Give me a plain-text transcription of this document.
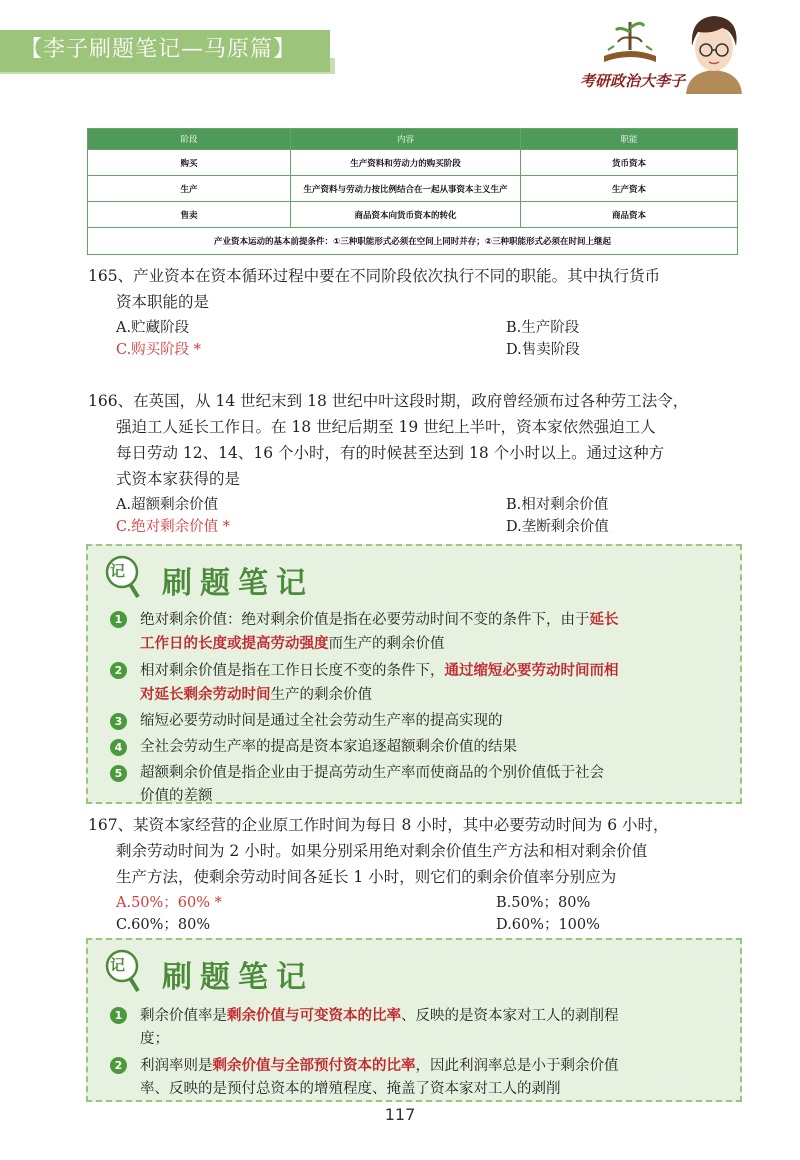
【李子刷题笔记—马原篇】
考研政治大李子
阶段	内容	职能
购买	生产资料和劳动力的购买阶段	货币资本
生产	生产资料与劳动力按比例结合在一起从事资本主义生产	生产资本
售卖	商品资本向货币资本的转化	商品资本
产业资本运动的基本前提条件：①三种职能形式必须在空间上同时并存；②三种职能形式必须在时间上继起		
165、产业资本在资本循环过程中要在不同阶段依次执行不同的职能。其中执行货币
资本职能的是
A.贮藏阶段	B.生产阶段
C.购买阶段 *	D.售卖阶段
166、在英国，从 14 世纪末到 18 世纪中叶这段时期，政府曾经颁布过各种劳工法令，
强迫工人延长工作日。在 18 世纪后期至 19 世纪上半叶，资本家依然强迫工人
每日劳动 12、14、16 个小时，有的时候甚至达到 18 个小时以上。通过这种方
式资本家获得的是
A.超额剩余价值	B.相对剩余价值
C.绝对剩余价值 *	D.垄断剩余价值
记 刷题笔记
1	绝对剩余价值：绝对剩余价值是指在必要劳动时间不变的条件下，由于延长
工作日的长度或提高劳动强度而生产的剩余价值
2	相对剩余价值是指在工作日长度不变的条件下，通过缩短必要劳动时间而相
对延长剩余劳动时间生产的剩余价值
3	缩短必要劳动时间是通过全社会劳动生产率的提高实现的
4	全社会劳动生产率的提高是资本家追逐超额剩余价值的结果
5	超额剩余价值是指企业由于提高劳动生产率而使商品的个别价值低于社会
价值的差额
167、某资本家经营的企业原工作时间为每日 8 小时，其中必要劳动时间为 6 小时，
剩余劳动时间为 2 小时。如果分别采用绝对剩余价值生产方法和相对剩余价值
生产方法，使剩余劳动时间各延长 1 小时，则它们的剩余价值率分别应为
A.50%；60% *	B.50%；80%
C.60%；80%	D.60%；100%
记 刷题笔记
1	剩余价值率是剩余价值与可变资本的比率、反映的是资本家对工人的剥削程
度；
2	利润率则是剩余价值与全部预付资本的比率，因此利润率总是小于剩余价值
率、反映的是预付总资本的增殖程度、掩盖了资本家对工人的剥削
117
